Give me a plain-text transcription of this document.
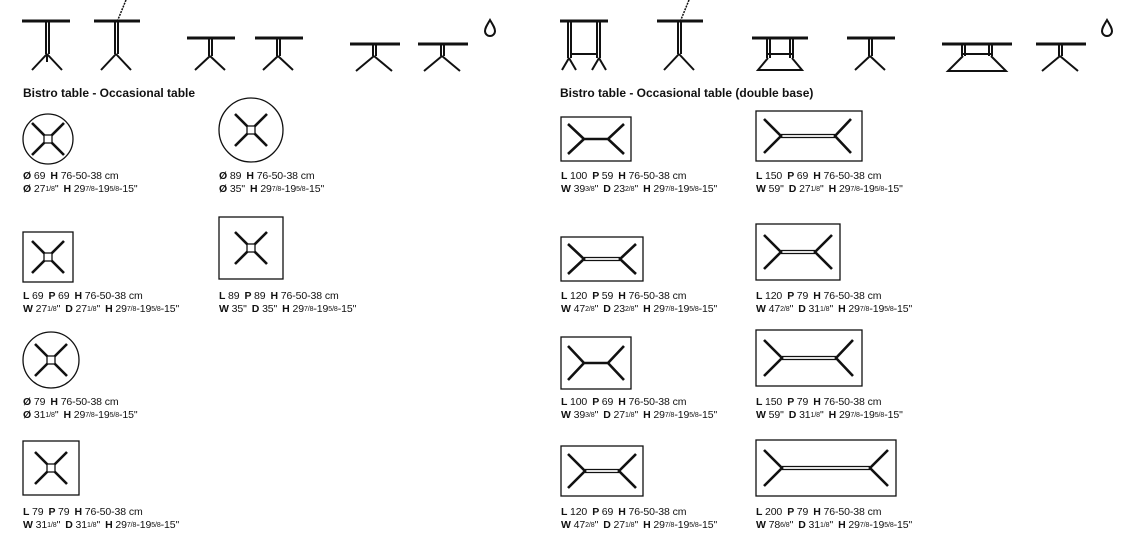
Bistro table - Occasional table	Bistro table - Occasional table (double base)
Ø 69 H 76-50-38 cm
Ø 271/8" H 297/8-195/8-15"
Ø 89 H 76-50-38 cm
Ø 35" H 297/8-195/8-15"
L 69 P 69 H 76-50-38 cm
W 271/8" D 271/8" H 297/8-195/8-15"
L 89 P 89 H 76-50-38 cm
W 35" D 35" H 297/8-195/8-15"
Ø 79 H 76-50-38 cm
Ø 311/8" H 297/8-195/8-15"
L 79 P 79 H 76-50-38 cm
W 311/8" D 311/8" H 297/8-195/8-15"
L 100 P 59 H 76-50-38 cm
W 393/8" D 232/8" H 297/8-195/8-15"
L 150 P 69 H 76-50-38 cm
W 59" D 271/8" H 297/8-195/8-15"
L 120 P 59 H 76-50-38 cm
W 472/8" D 232/8" H 297/8-195/8-15"
L 120 P 79 H 76-50-38 cm
W 472/8" D 311/8" H 297/8-195/8-15"
L 100 P 69 H 76-50-38 cm
W 393/8" D 271/8" H 297/8-195/8-15"
L 150 P 79 H 76-50-38 cm
W 59" D 311/8" H 297/8-195/8-15"
L 120 P 69 H 76-50-38 cm
W 472/8" D 271/8" H 297/8-195/8-15"
L 200 P 79 H 76-50-38 cm
W 786/8" D 311/8" H 297/8-195/8-15"
